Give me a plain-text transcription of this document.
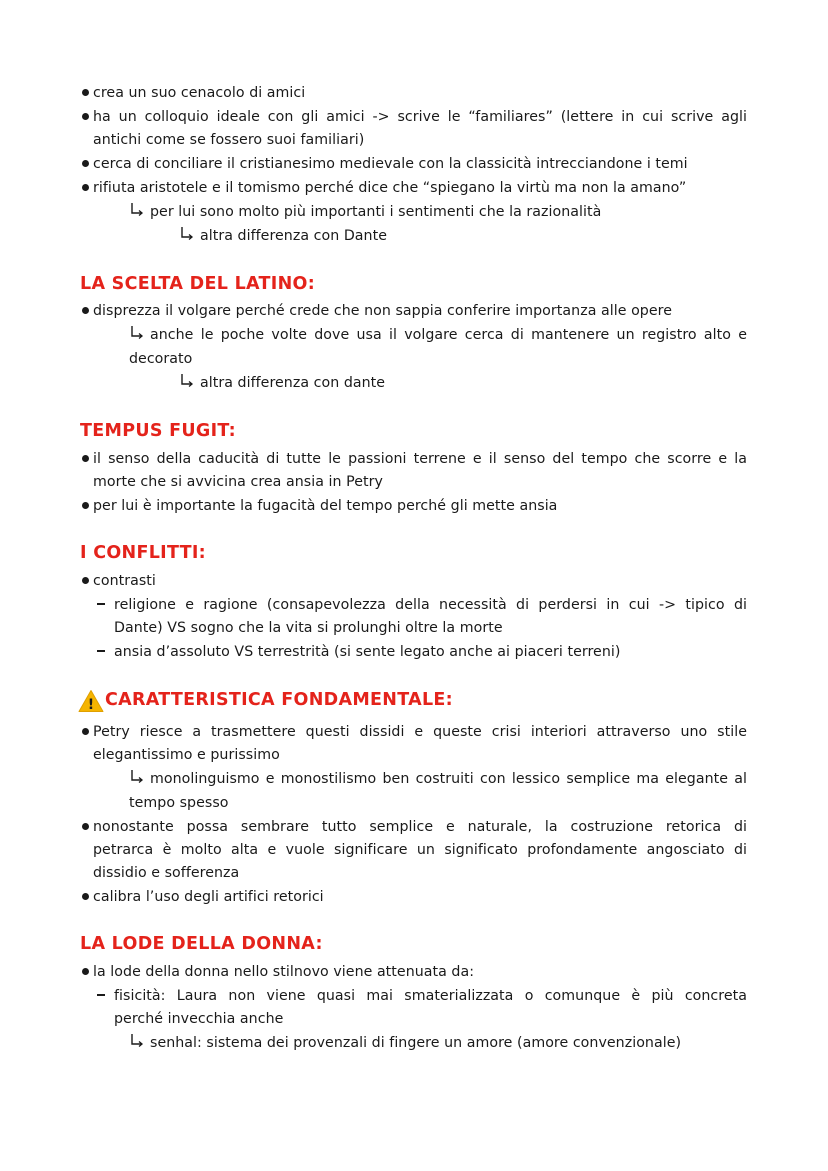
crea un suo cenacolo di amici
ha un colloquio ideale con gli amici -> scrive le “familiares” (lettere in cui scrive agli
antichi come se fossero suoi familiari)
cerca di conciliare il cristianesimo medievale con la classicità intrecciandone i temi
rifiuta aristotele e il tomismo perché dice che “spiegano la virtù ma non la amano”
per lui sono molto più importanti i sentimenti che la razionalità
altra differenza con Dante
LA SCELTA DEL LATINO:
disprezza il volgare perché crede che non sappia conferire importanza alle opere
anche le poche volte dove usa il volgare cerca di mantenere un registro alto e
decorato
altra differenza con dante
TEMPUS FUGIT:
il senso della caducità di tutte le passioni terrene e il senso del tempo che scorre e la
morte che si avvicina crea ansia in Petry
per lui è importante la fugacità del tempo perché gli mette ansia
I CONFLITTI:
contrasti
religione e ragione (consapevolezza della necessità di perdersi in cui -> tipico di
Dante) VS sogno che la vita si prolunghi oltre la morte
ansia d’assoluto VS terrestrità (si sente legato anche ai piaceri terreni)
! CARATTERISTICA FONDAMENTALE:
Petry riesce a trasmettere questi dissidi e queste crisi interiori attraverso uno stile
elegantissimo e purissimo
monolinguismo e monostilismo ben costruiti con lessico semplice ma elegante al
tempo spesso
nonostante possa sembrare tutto semplice e naturale, la costruzione retorica di
petrarca è molto alta e vuole significare un significato profondamente angosciato di
dissidio e sofferenza
calibra l’uso degli artifici retorici
LA LODE DELLA DONNA:
la lode della donna nello stilnovo viene attenuata da:
fisicità: Laura non viene quasi mai smaterializzata o comunque è più concreta
perché invecchia anche
senhal: sistema dei provenzali di fingere un amore (amore convenzionale)
